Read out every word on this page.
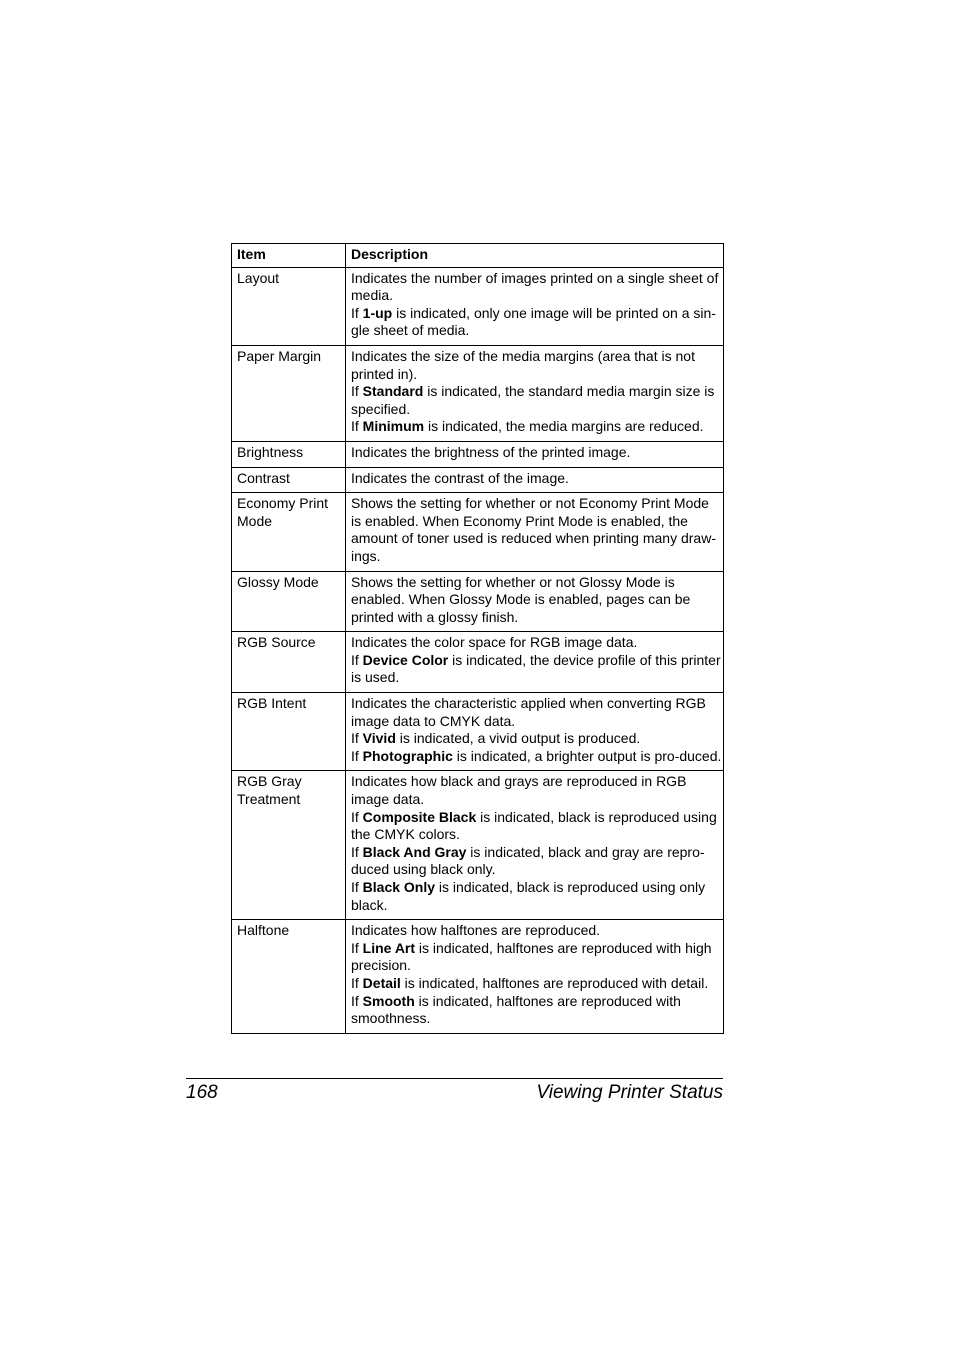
Item	Description
Layout	Indicates the number of images printed on a single sheet of media.
If 1-up is indicated, only one image will be printed on a sin-gle sheet of media.

Paper Margin	Indicates the size of the media margins (area that is not printed in).
If Standard is indicated, the standard media margin size is specified.
If Minimum is indicated, the media margins are reduced.

Brightness	Indicates the brightness of the printed image.

Contrast	Indicates the contrast of the image.

Economy Print Mode	Shows the setting for whether or not Economy Print Mode is enabled. When Economy Print Mode is enabled, the amount of toner used is reduced when printing many draw-ings.

Glossy Mode	Shows the setting for whether or not Glossy Mode is enabled. When Glossy Mode is enabled, pages can be printed with a glossy finish.

RGB Source	Indicates the color space for RGB image data.
If Device Color is indicated, the device profile of this printer is used.

RGB Intent	Indicates the characteristic applied when converting RGB image data to CMYK data.
If Vivid is indicated, a vivid output is produced.
If Photographic is indicated, a brighter output is pro-duced.

RGB Gray Treatment	Indicates how black and grays are reproduced in RGB image data.
If Composite Black is indicated, black is reproduced using the CMYK colors.
If Black And Gray is indicated, black and gray are repro-duced using black only.
If Black Only is indicated, black is reproduced using only black.

Halftone	Indicates how halftones are reproduced.
If Line Art is indicated, halftones are reproduced with high precision.
If Detail is indicated, halftones are reproduced with detail.
If Smooth is indicated, halftones are reproduced with smoothness.
168	Viewing Printer Status
